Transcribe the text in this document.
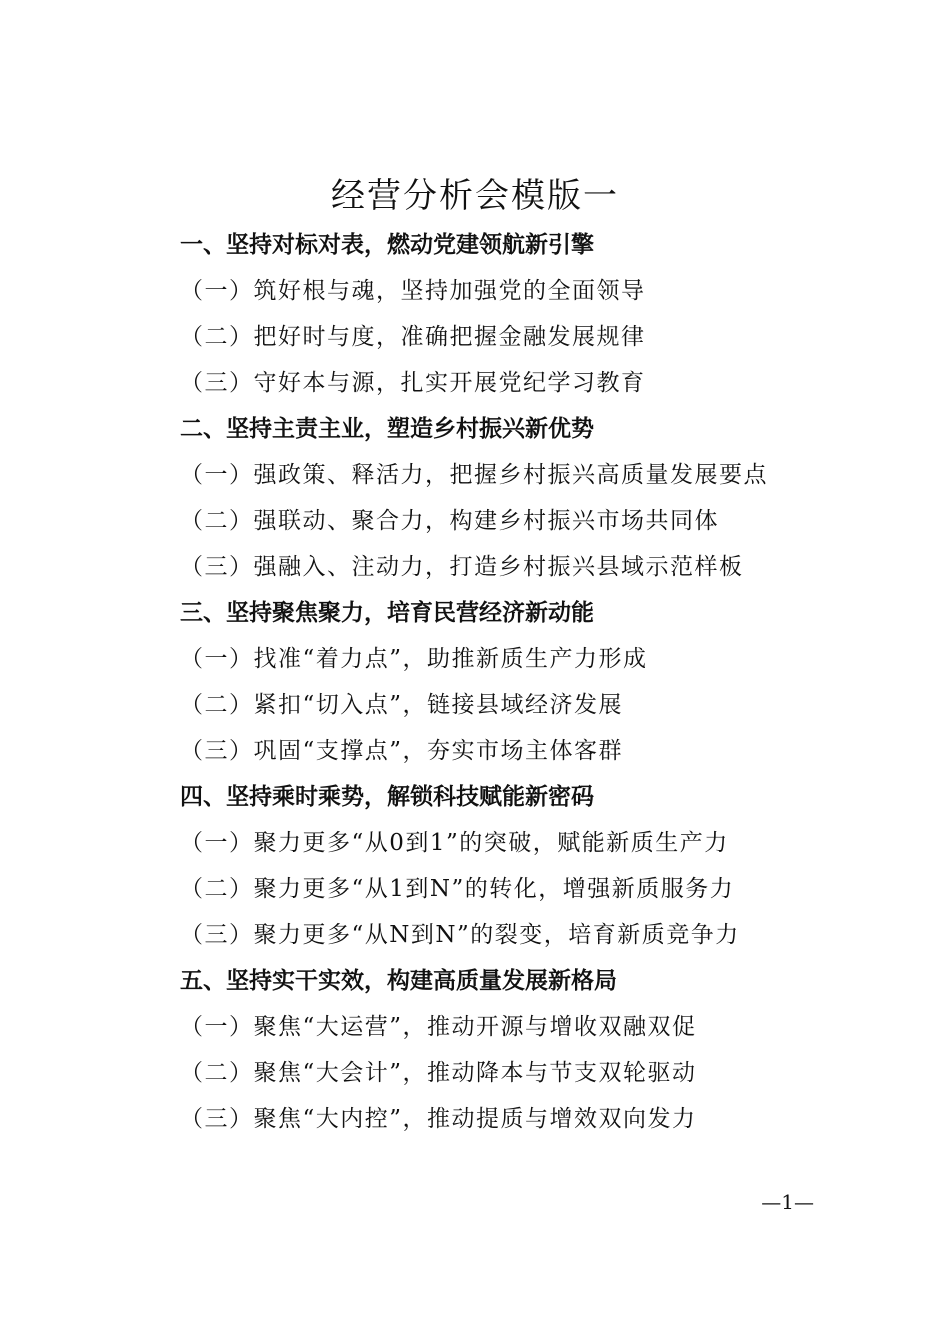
经营分析会模版一
一、坚持对标对表，燃动党建领航新引擎
（一）筑好根与魂，坚持加强党的全面领导
（二）把好时与度，准确把握金融发展规律
（三）守好本与源，扎实开展党纪学习教育
二、坚持主责主业，塑造乡村振兴新优势
（一）强政策、释活力，把握乡村振兴高质量发展要点
（二）强联动、聚合力，构建乡村振兴市场共同体
（三）强融入、注动力，打造乡村振兴县域示范样板
三、坚持聚焦聚力，培育民营经济新动能
（一）找准“着力点”，助推新质生产力形成
（二）紧扣“切入点”，链接县域经济发展
（三）巩固“支撑点”，夯实市场主体客群
四、坚持乘时乘势，解锁科技赋能新密码
（一）聚力更多“从0到1”的突破，赋能新质生产力
（二）聚力更多“从1到N”的转化，增强新质服务力
（三）聚力更多“从N到N”的裂变，培育新质竞争力
五、坚持实干实效，构建高质量发展新格局
（一）聚焦“大运营”，推动开源与增收双融双促
（二）聚焦“大会计”，推动降本与节支双轮驱动
（三）聚焦“大内控”，推动提质与增效双向发力
—1—
